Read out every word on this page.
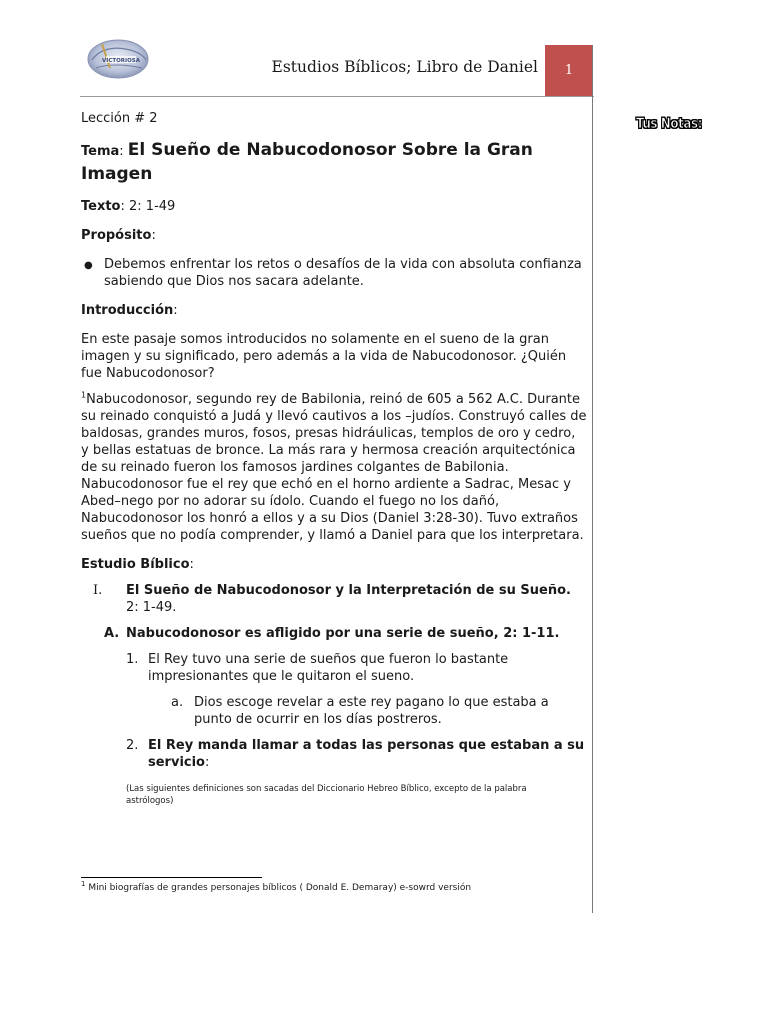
VICTORIOSA	Estudios Bíblicos; Libro de Daniel 1
Tus Notas:

Lección # 2

Tema: El Sueño de Nabucodonosor Sobre la Gran Imagen

Texto: 2: 1-49

Propósito:

● Debemos enfrentar los retos o desafíos de la vida con absoluta confianza sabiendo que Dios nos sacara adelante.

Introducción:

En este pasaje somos introducidos no solamente en el sueno de la gran imagen y su significado, pero además a la vida de Nabucodonosor. ¿Quién fue Nabucodonosor?

$^1$Nabucodonosor, segundo rey de Babilonia, reinó de 605 a 562 A.C. Durante su reinado conquistó a Judá y llevó cautivos a los –judíos. Construyó calles de baldosas, grandes muros, fosos, presas hidráulicas, templos de oro y cedro, y bellas estatuas de bronce. La más rara y hermosa creación arquitectónica de su reinado fueron los famosos jardines colgantes de Babilonia. Nabucodonosor fue el rey que echó en el horno ardiente a Sadrac, Mesac y Abed–nego por no adorar su ídolo. Cuando el fuego no los dañó, Nabucodonosor los honró a ellos y a su Dios (Daniel 3:28-30). Tuvo extraños sueños que no podía comprender, y llamó a Daniel para que los interpretara.

Estudio Bíblico:

I.	El Sueño de Nabucodonosor y la Interpretación de su Sueño. 2: 1-49.
A. Nabucodonosor es afligido por una serie de sueño, 2: 1-11.
1. El Rey tuvo una serie de sueños que fueron lo bastante impresionantes que le quitaron el sueno.
a. Dios escoge revelar a este rey pagano lo que estaba a punto de ocurrir en los días postreros.
2. El Rey manda llamar a todas las personas que estaban a su servicio:

(Las siguientes definiciones son sacadas del Diccionario Hebreo Bíblico, excepto de la palabra astrólogos)

$^1$ Mini biografías de grandes personajes bíblicos ( Donald E. Demaray) e-sowrd versión
